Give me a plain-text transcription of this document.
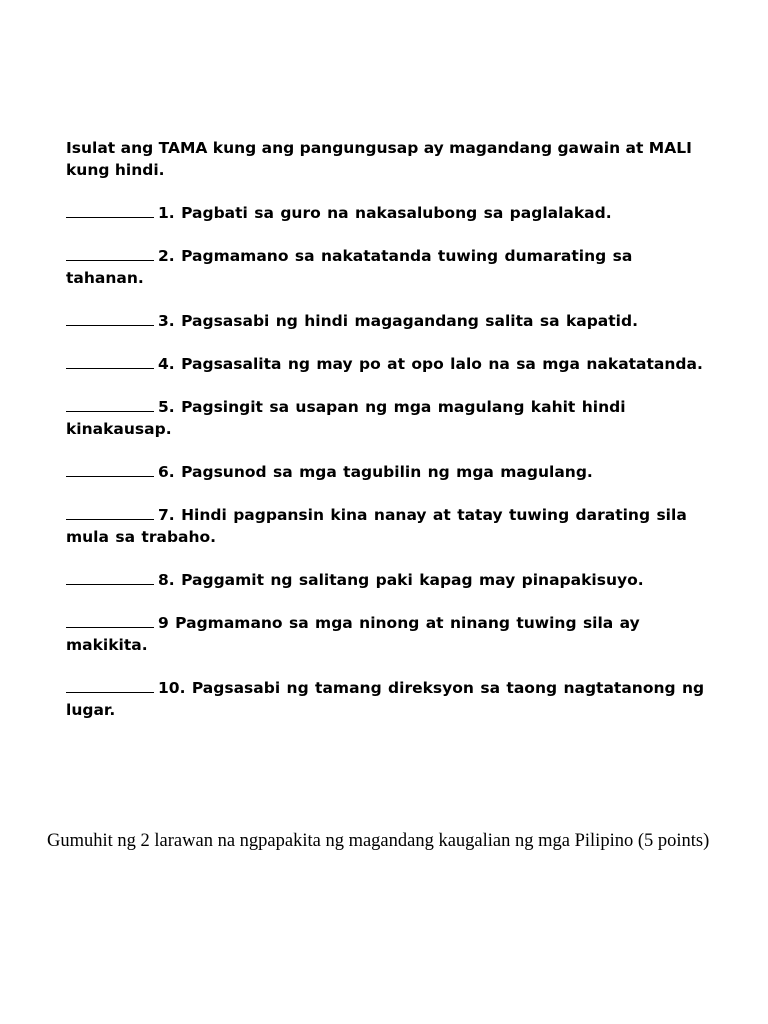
Isulat ang TAMA kung ang pangungusap ay magandang gawain at MALI kung hindi.

1. Pagbati sa guro na nakasalubong sa paglalakad.

2. Pagmamano sa nakatatanda tuwing dumarating sa tahanan.

3. Pagsasabi ng hindi magagandang salita sa kapatid.

4. Pagsasalita ng may po at opo lalo na sa mga nakatatanda.

5. Pagsingit sa usapan ng mga magulang kahit hindi kinakausap.

6. Pagsunod sa mga tagubilin ng mga magulang.

7. Hindi pagpansin kina nanay at tatay tuwing darating sila mula sa trabaho.

8. Paggamit ng salitang paki kapag may pinapakisuyo.

9 Pagmamano sa mga ninong at ninang tuwing sila ay makikita.

10. Pagsasabi ng tamang direksyon sa taong nagtatanong ng lugar.

Gumuhit ng 2 larawan na ngpapakita ng magandang kaugalian ng mga Pilipino (5 points)
